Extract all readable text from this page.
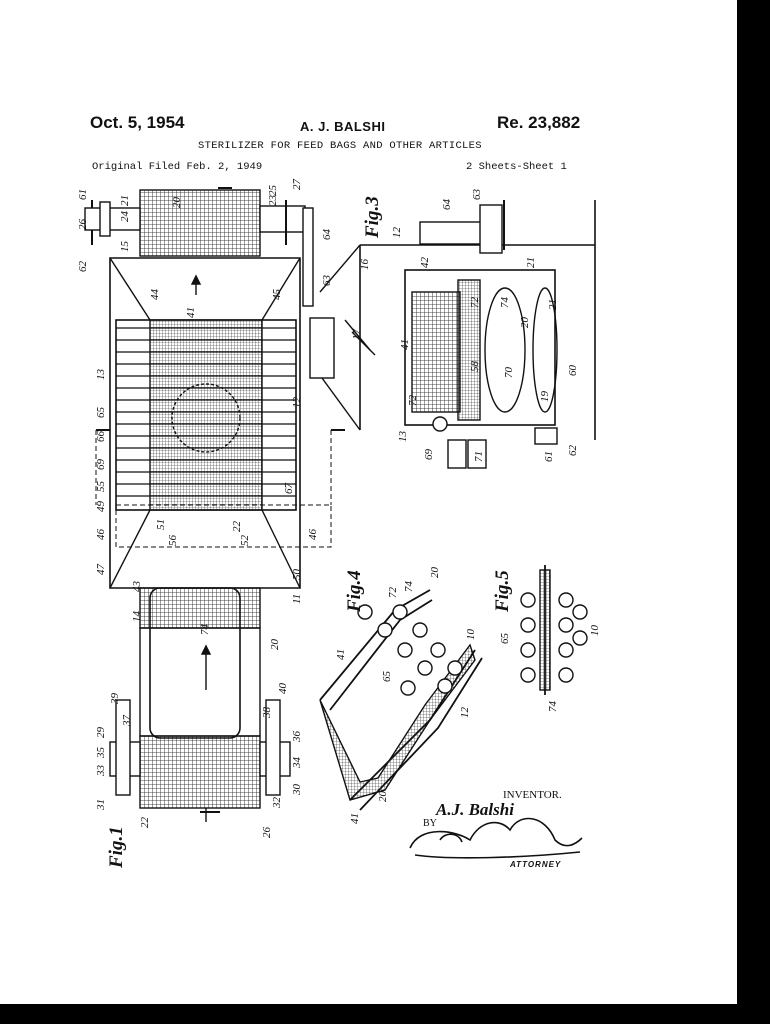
Oct. 5, 1954	A. J. BALSHI	Re. 23,882
STERILIZER FOR FEED BAGS AND OTHER ARTICLES
Original Filed Feb. 2, 1949	2 Sheets-Sheet 1
Fig.1
Fig.3
Fig.4	Fig.5
26
61
24
21
62
15
20	23
25
27
64
63
13
65
66
69
55
49
46
47
41
44	45
12
67
46
50
11
43
14
22
52
51
56
74
20
39
29
35
37
33
38
40
36
34
30
31	32
22
26
16
12
64
63
42	21
41
72 74
20
17
58
70
21
60
19
72
13
69	71	61
62
41
72
74
20
65
10
12
20
41
65
10
74
INVENTOR.
A.J. Balshi
BY
ATTORNEY
